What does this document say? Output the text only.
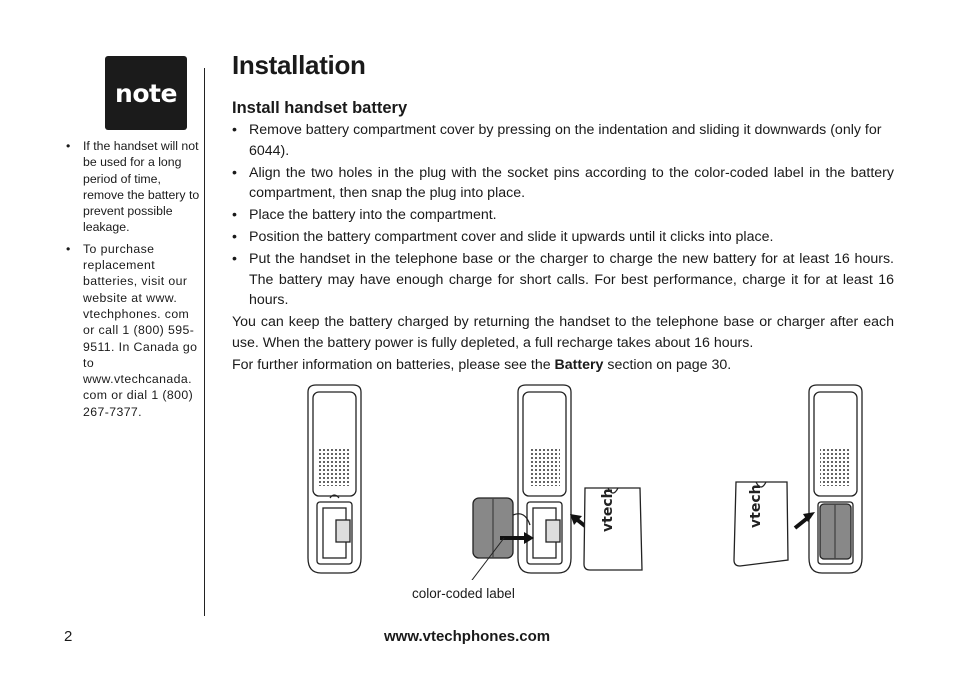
note
• If the handset will not be used for a long period of time, remove the battery to prevent possible leakage.
• To purchase replacement batteries, visit our website at www. vtechphones. com or call 1 (800) 595-9511. In Canada go to www.vtechcanada. com or dial 1 (800) 267-7377.
Installation
Install handset battery
• Remove battery compartment cover by pressing on the indentation and sliding it downwards (only for 6044).
• Align the two holes in the plug with the socket pins according to the color-coded label in the battery compartment, then snap the plug into place.
• Place the battery into the compartment.
• Position the battery compartment cover and slide it upwards until it clicks into place.
• Put the handset in the telephone base or the charger to charge the new battery for at least 16 hours. The battery may have enough charge for short calls. For best performance, charge it for at least 16 hours.

You can keep the battery charged by returning the handset to the telephone base or charger after each use. When the battery power is fully depleted, a full recharge takes about 16 hours.

For further information on batteries, please see the Battery section on page 30.

vtech	vtech
color-coded label
2	www.vtechphones.com
